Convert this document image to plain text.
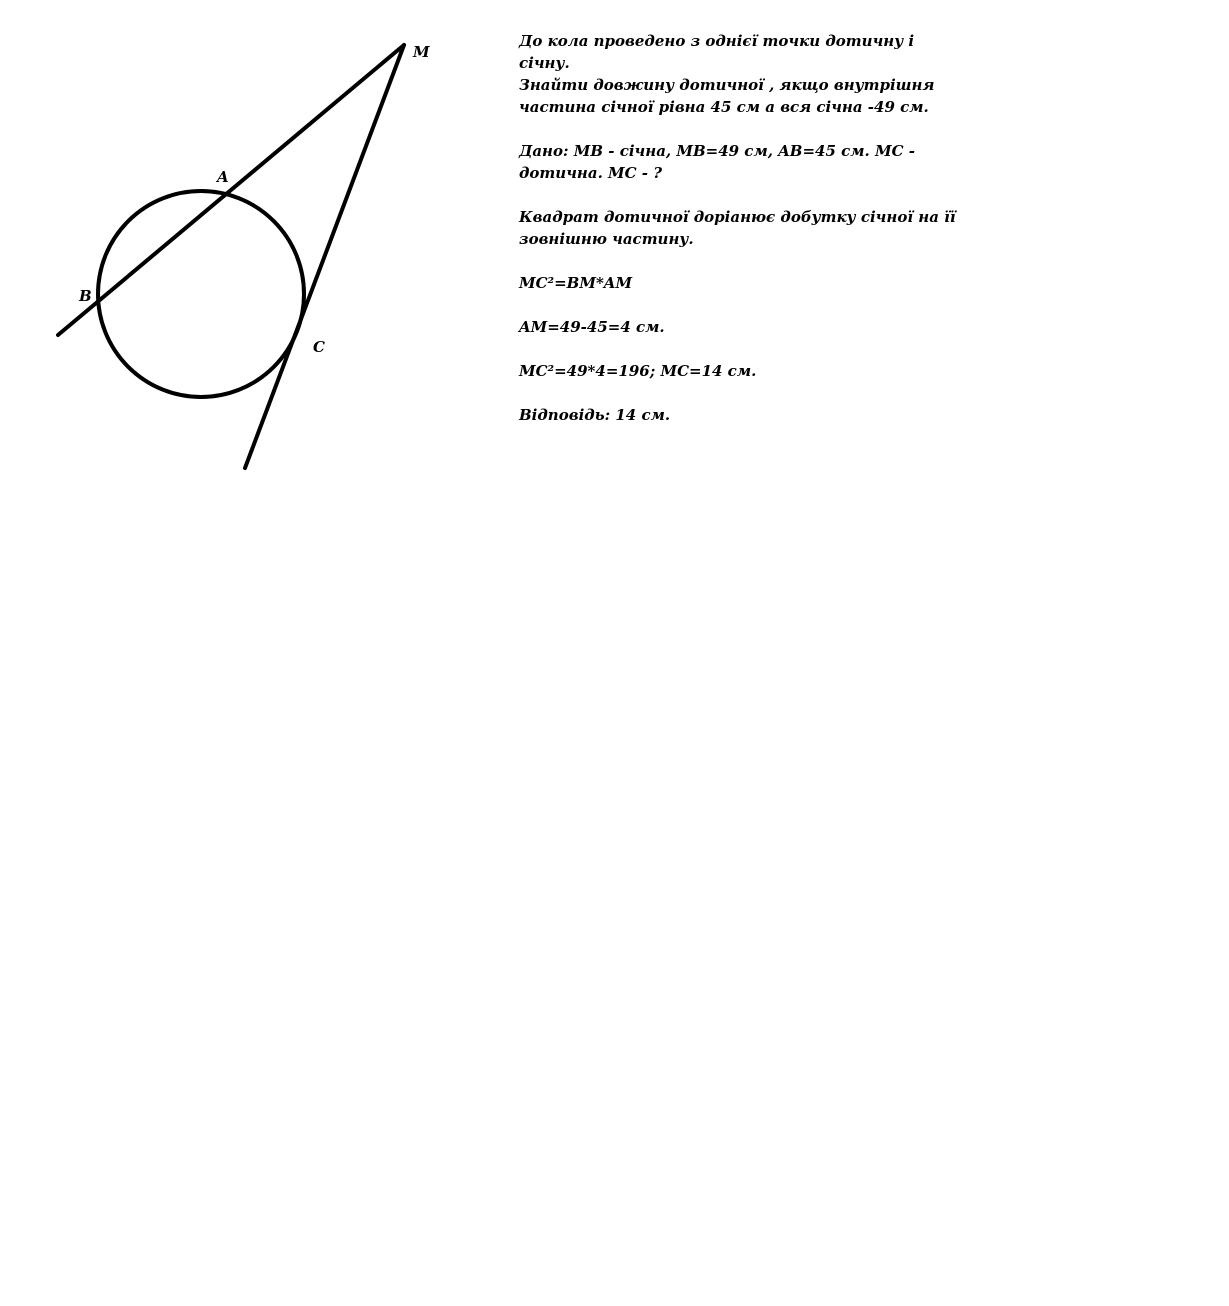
M
A
B
C

До кола проведено з однієї точки дотичну і січну.
Знайти довжину дотичної , якщо внутрішня
частина січної рівна 45 см а вся січна -49 см.

Дано: MB - січна, MB=49 см, AB=45 см. MC -
дотична. MC - ?

Квадрат дотичної доріанює добутку січної на її
зовнішню частину.

MC²=BM*AM

AM=49-45=4 см.

MC²=49*4=196; MC=14 см.

Відповідь: 14 см.
